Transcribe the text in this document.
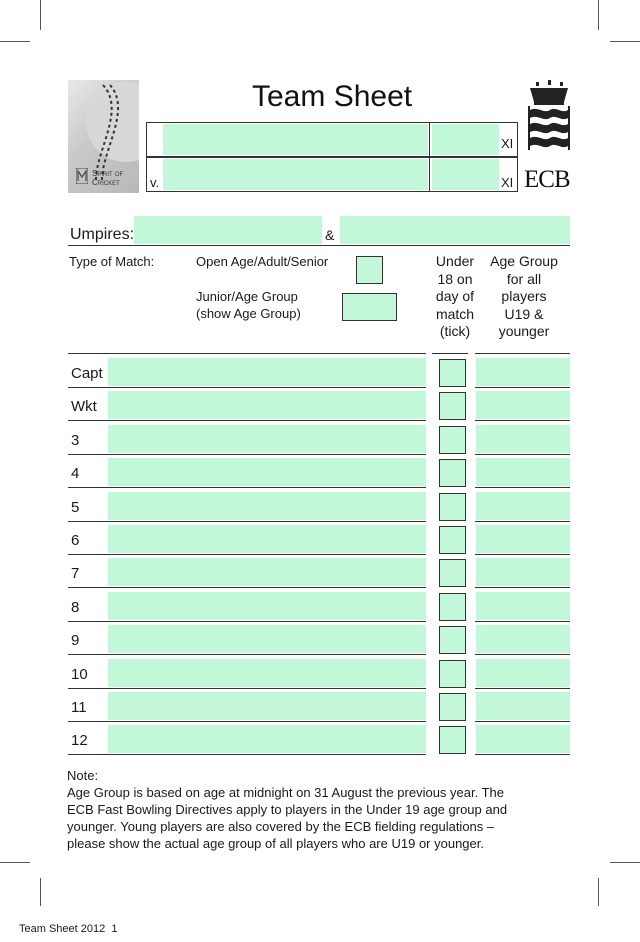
Spirit of
Cricket
Team Sheet
ECB
XI
v.	XI
Umpires:	&
Type of Match:	Open Age/Adult/Senior
Junior/Age Group
(show Age Group)
Under
18 on
day of
match
(tick)
Age Group
for all
players
U19 &
younger
Capt
Wkt
3
4
5
6
7
8
9
10
11
12
Note:
Age Group is based on age at midnight on 31 August the previous year. The
ECB Fast Bowling Directives apply to players in the Under 19 age group and
younger. Young players are also covered by the ECB fielding regulations –
please show the actual age group of all players who are U19 or younger.
Team Sheet 2012  1
